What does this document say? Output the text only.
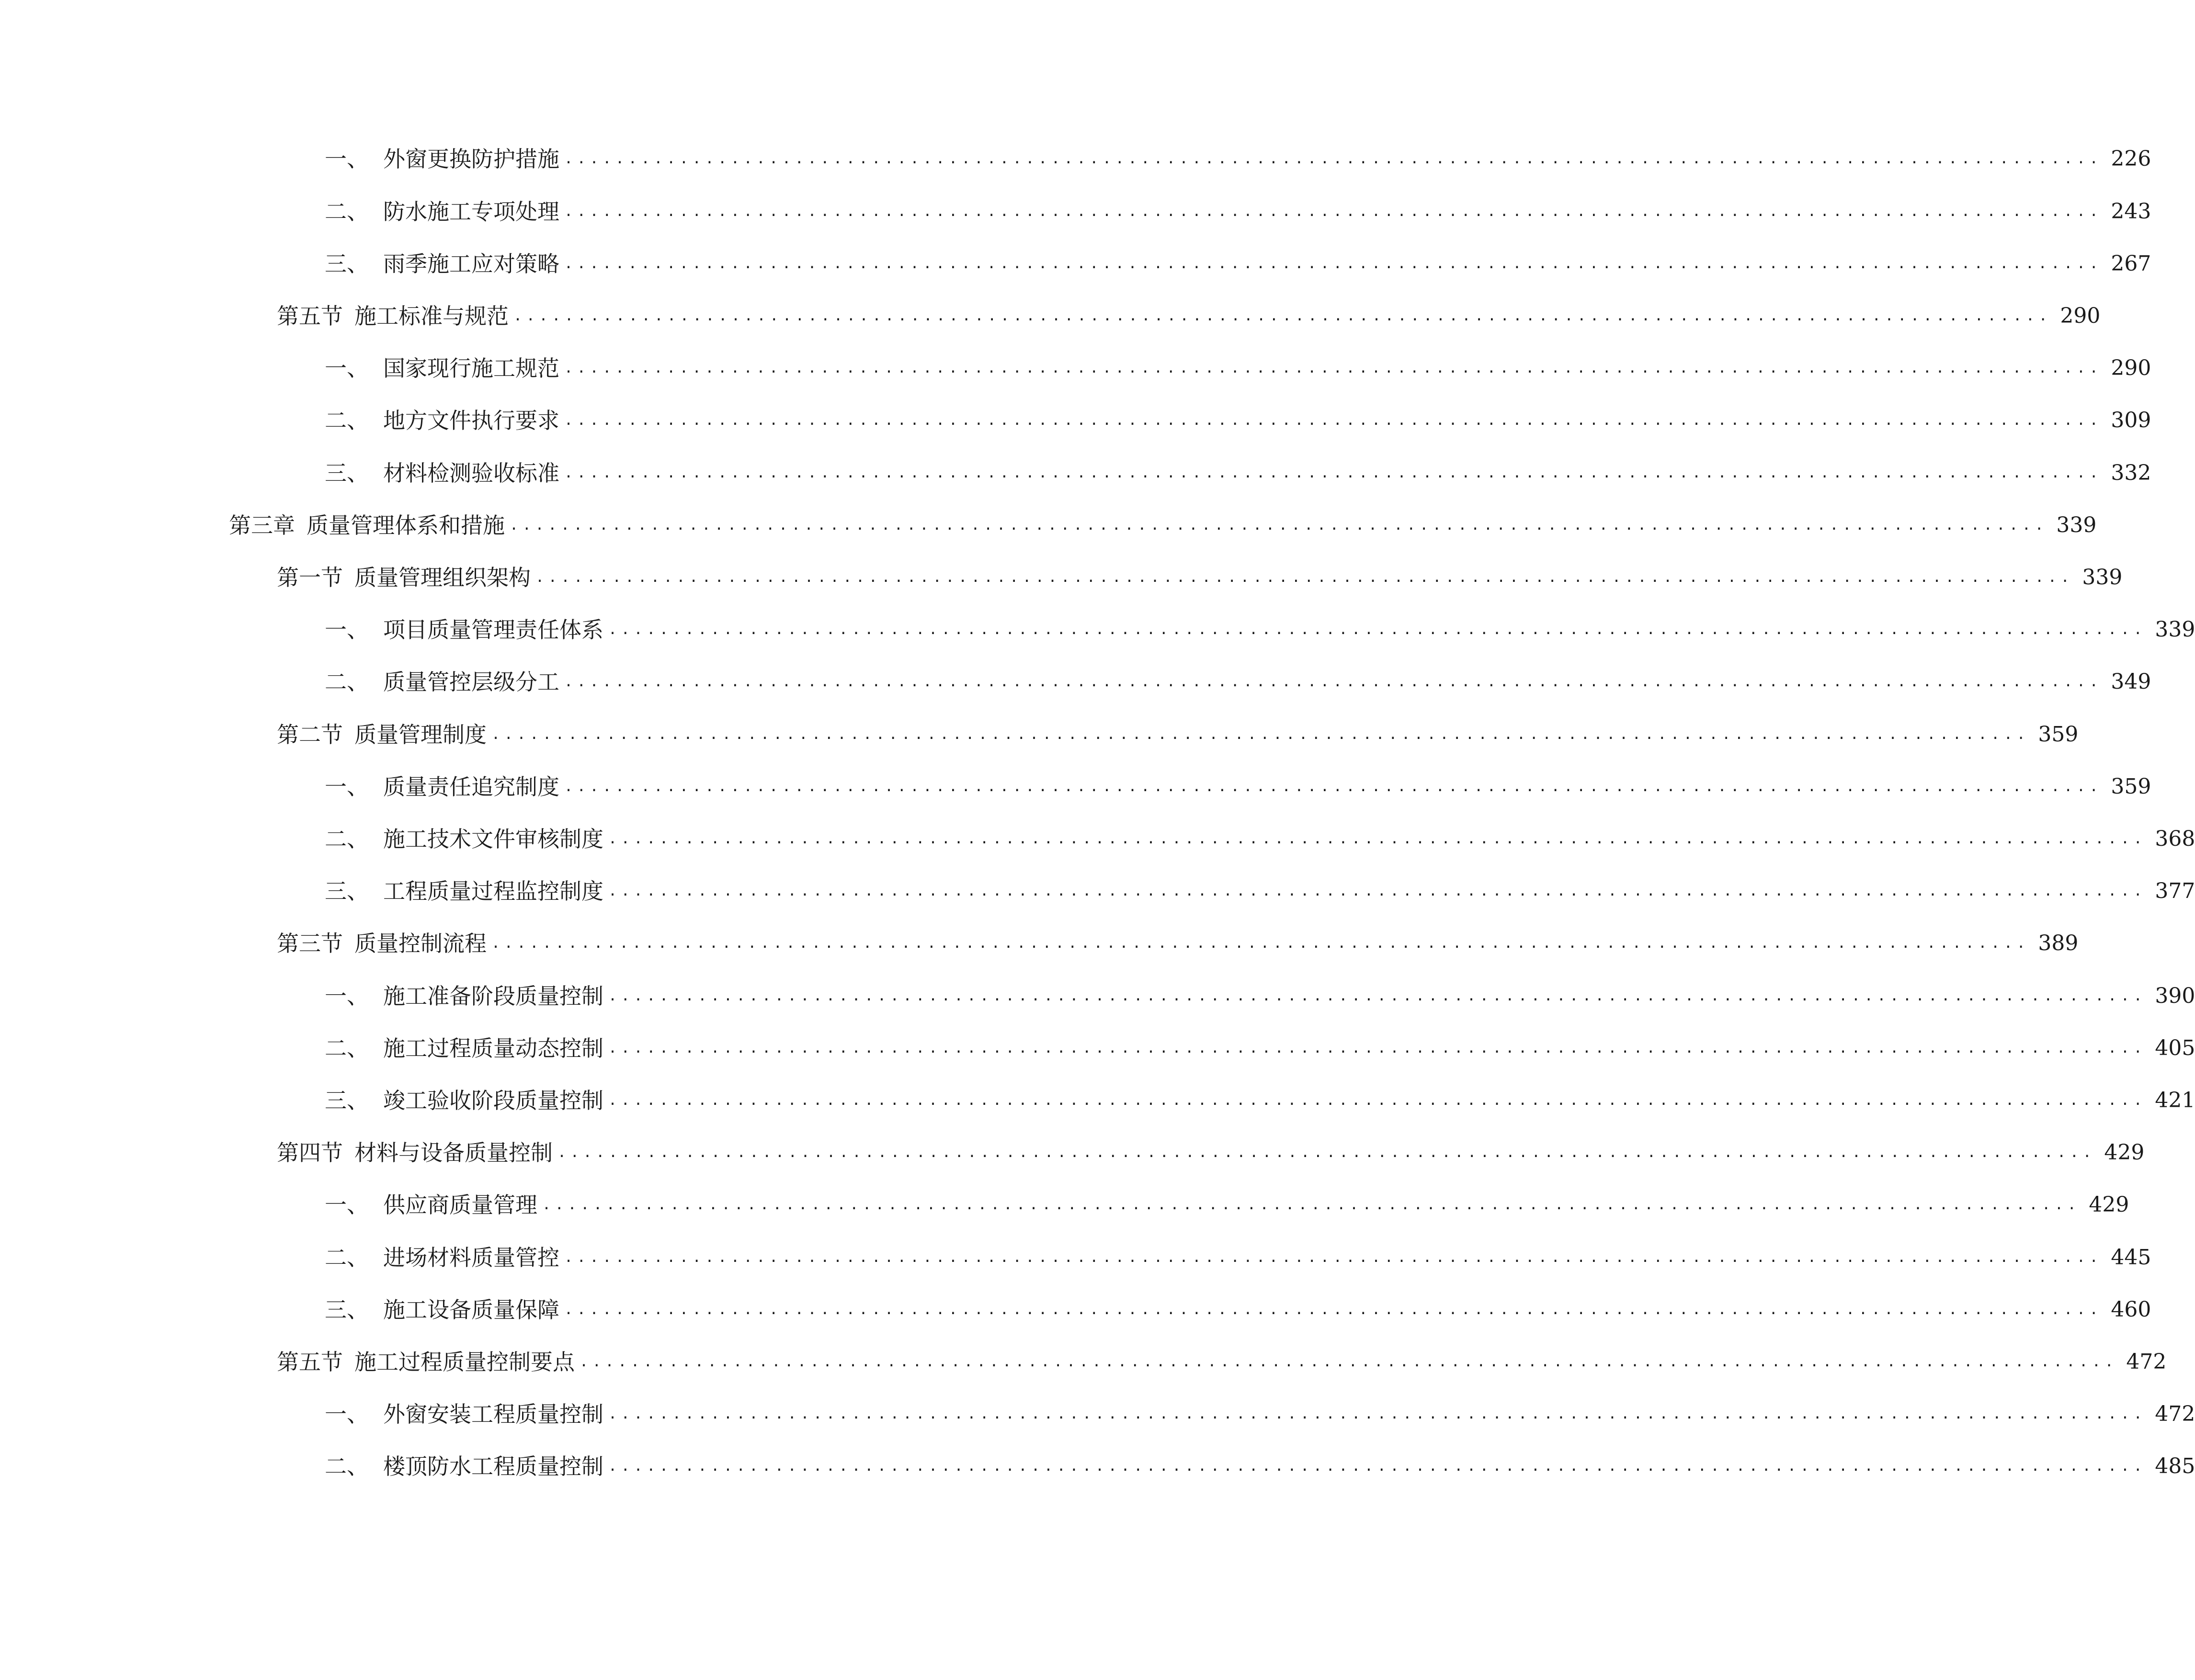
一、 外窗更换防护措施 ........................................................................................................................ 226
二、 防水施工专项处理 ........................................................................................................................ 243
三、 雨季施工应对策略 ........................................................................................................................ 267
第五节 施工标准与规范 ........................................................................................................................ 290
一、 国家现行施工规范 ........................................................................................................................ 290
二、 地方文件执行要求 ........................................................................................................................ 309
三、 材料检测验收标准 ........................................................................................................................ 332
第三章 质量管理体系和措施 ........................................................................................................................ 339
第一节 质量管理组织架构 ........................................................................................................................ 339
一、 项目质量管理责任体系 ........................................................................................................................ 339
二、 质量管控层级分工 ........................................................................................................................ 349
第二节 质量管理制度 ........................................................................................................................ 359
一、 质量责任追究制度 ........................................................................................................................ 359
二、 施工技术文件审核制度 ........................................................................................................................ 368
三、 工程质量过程监控制度 ........................................................................................................................ 377
第三节 质量控制流程 ........................................................................................................................ 389
一、 施工准备阶段质量控制 ........................................................................................................................ 390
二、 施工过程质量动态控制 ........................................................................................................................ 405
三、 竣工验收阶段质量控制 ........................................................................................................................ 421
第四节 材料与设备质量控制 ........................................................................................................................ 429
一、 供应商质量管理 ........................................................................................................................ 429
二、 进场材料质量管控 ........................................................................................................................ 445
三、 施工设备质量保障 ........................................................................................................................ 460
第五节 施工过程质量控制要点 ........................................................................................................................ 472
一、 外窗安装工程质量控制 ........................................................................................................................ 472
二、 楼顶防水工程质量控制 ........................................................................................................................ 485
